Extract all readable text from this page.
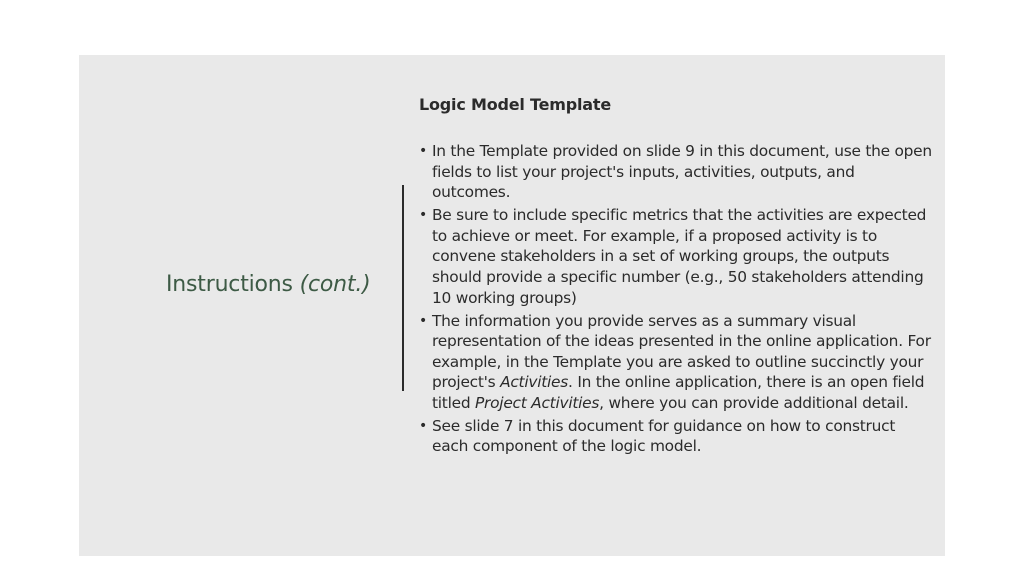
Instructions (cont.)
Logic Model Template
• In the Template provided on slide 9 in this document, use the open fields to list your project's inputs, activities, outputs, and outcomes.
• Be sure to include specific metrics that the activities are expected to achieve or meet. For example, if a proposed activity is to convene stakeholders in a set of working groups, the outputs should provide a specific number (e.g., 50 stakeholders attending 10 working groups)
• The information you provide serves as a summary visual representation of the ideas presented in the online application. For example, in the Template you are asked to outline succinctly your project's Activities. In the online application, there is an open field titled Project Activities, where you can provide additional detail.
• See slide 7 in this document for guidance on how to construct each component of the logic model.
